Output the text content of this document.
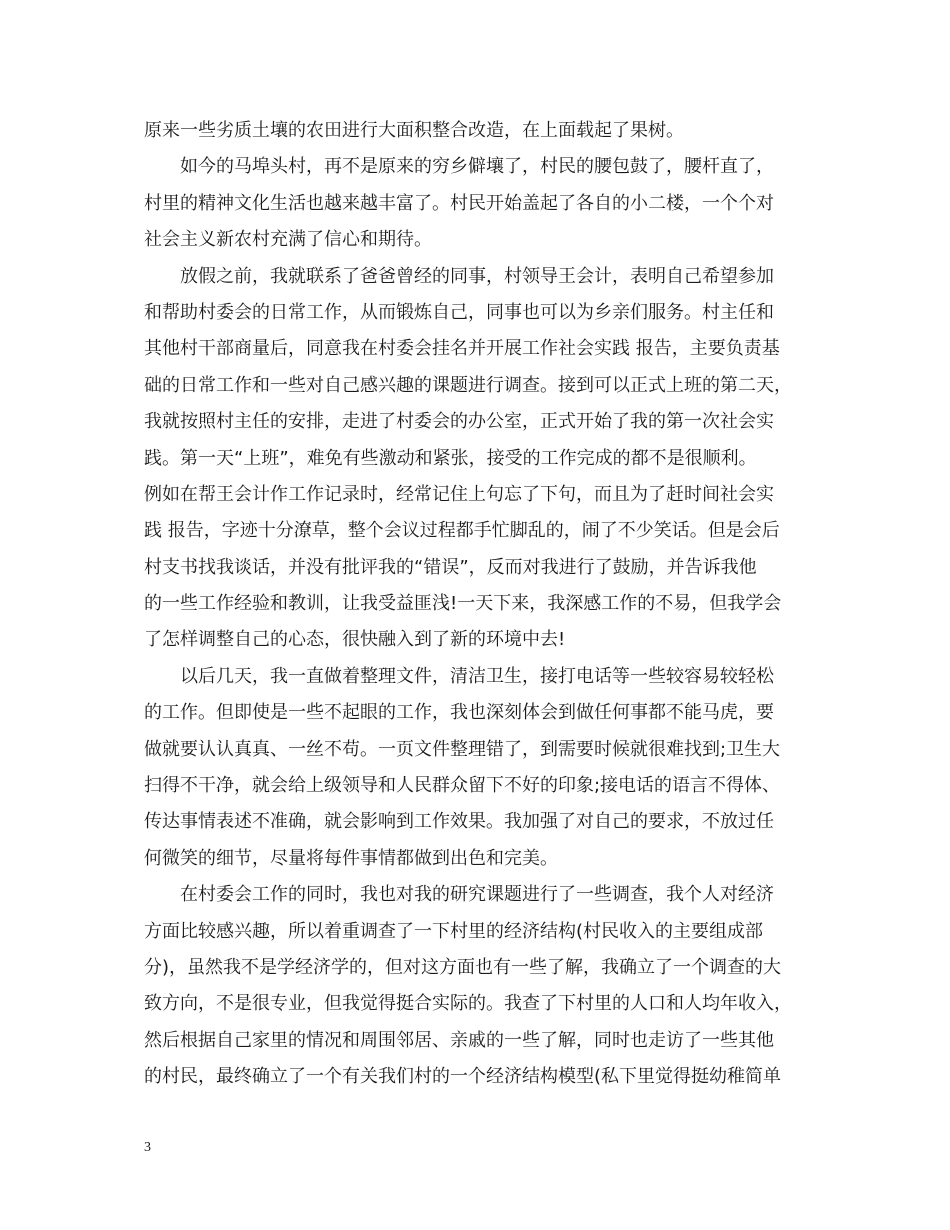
原来一些劣质土壤的农田进行大面积整合改造，在上面载起了果树。
如今的马埠头村，再不是原来的穷乡僻壤了，村民的腰包鼓了，腰杆直了，
村里的精神文化生活也越来越丰富了。村民开始盖起了各自的小二楼，一个个对
社会主义新农村充满了信心和期待。
放假之前，我就联系了爸爸曾经的同事，村领导王会计，表明自己希望参加
和帮助村委会的日常工作，从而锻炼自己，同事也可以为乡亲们服务。村主任和
其他村干部商量后，同意我在村委会挂名并开展工作社会实践 报告，主要负责基
础的日常工作和一些对自己感兴趣的课题进行调查。接到可以正式上班的第二天，
我就按照村主任的安排，走进了村委会的办公室，正式开始了我的第一次社会实
践。第一天“上班”，难免有些激动和紧张，接受的工作完成的都不是很顺利。
例如在帮王会计作工作记录时，经常记住上句忘了下句，而且为了赶时间社会实
践 报告，字迹十分潦草，整个会议过程都手忙脚乱的，闹了不少笑话。但是会后
村支书找我谈话，并没有批评我的“错误”，反而对我进行了鼓励，并告诉我他
的一些工作经验和教训，让我受益匪浅!一天下来，我深感工作的不易，但我学会
了怎样调整自己的心态，很快融入到了新的环境中去!
以后几天，我一直做着整理文件，清洁卫生，接打电话等一些较容易较轻松
的工作。但即使是一些不起眼的工作，我也深刻体会到做任何事都不能马虎，要
做就要认认真真、一丝不苟。一页文件整理错了，到需要时候就很难找到;卫生大
扫得不干净，就会给上级领导和人民群众留下不好的印象;接电话的语言不得体、
传达事情表述不准确，就会影响到工作效果。我加强了对自己的要求，不放过任
何微笑的细节，尽量将每件事情都做到出色和完美。
在村委会工作的同时，我也对我的研究课题进行了一些调查，我个人对经济
方面比较感兴趣，所以着重调查了一下村里的经济结构(村民收入的主要组成部
分)，虽然我不是学经济学的，但对这方面也有一些了解，我确立了一个调查的大
致方向，不是很专业，但我觉得挺合实际的。我查了下村里的人口和人均年收入，
然后根据自己家里的情况和周围邻居、亲戚的一些了解，同时也走访了一些其他
的村民，最终确立了一个有关我们村的一个经济结构模型(私下里觉得挺幼稚简单
3
